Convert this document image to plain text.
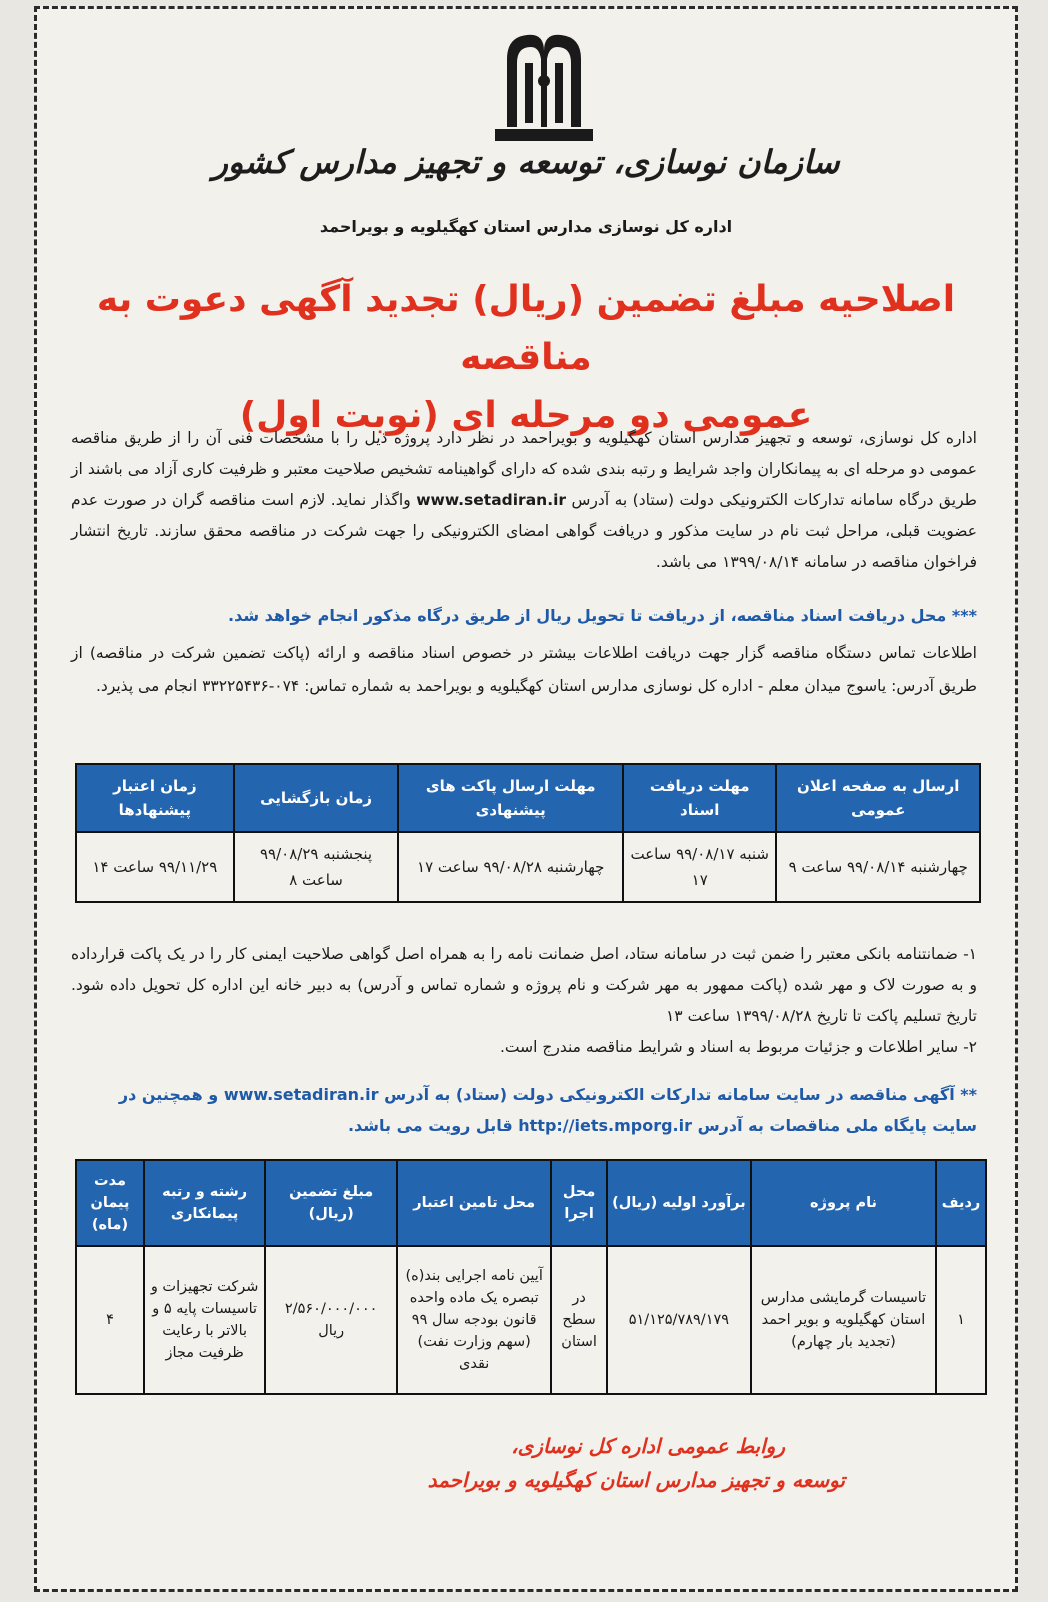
سازمان نوسازی، توسعه و تجهیز مدارس کشور
اداره کل نوسازی مدارس استان کهگیلویه و بویراحمد
اصلاحیه مبلغ تضمین (ریال) تجدید آگهی دعوت به مناقصه
عمومی دو مرحله ای (نوبت اول)
اداره کل نوسازی، توسعه و تجهیز مدارس استان کهگیلویه و بویراحمد در نظر دارد پروژه ذیل را با مشخصات فنی آن را از طریق مناقصه عمومی دو مرحله ای به پیمانکاران واجد شرایط و رتبه بندی شده که دارای گواهینامه تشخیص صلاحیت معتبر و ظرفیت کاری آزاد می باشند از طریق درگاه سامانه تدارکات الکترونیکی دولت (ستاد) به آدرس www.setadiran.ir واگذار نماید. لازم است مناقصه گران در صورت عدم عضویت قبلی، مراحل ثبت نام در سایت مذکور و دریافت گواهی امضای الکترونیکی را جهت شرکت در مناقصه محقق سازند. تاریخ انتشار فراخوان مناقصه در سامانه ۱۳۹۹/۰۸/۱۴ می باشد.
*** محل دریافت اسناد مناقصه، از دریافت تا تحویل ریال از طریق درگاه مذکور انجام خواهد شد.
اطلاعات تماس دستگاه مناقصه گزار جهت دریافت اطلاعات بیشتر در خصوص اسناد مناقصه و ارائه (پاکت تضمین شرکت در مناقصه) از طریق آدرس: یاسوج میدان معلم - اداره کل نوسازی مدارس استان کهگیلویه و بویراحمد به شماره تماس: ۰۷۴-۳۳۲۲۵۴۳۶ انجام می پذیرد.
ارسال به صفحه اعلان عمومی	مهلت دریافت اسناد	مهلت ارسال پاکت های پیشنهادی	زمان بازگشایی	زمان اعتبار پیشنهادها
چهارشنبه ۹۹/۰۸/۱۴ ساعت ۹	شنبه ۹۹/۰۸/۱۷ ساعت ۱۷	چهارشنبه ۹۹/۰۸/۲۸ ساعت ۱۷	پنجشنبه ۹۹/۰۸/۲۹ ساعت ۸	۹۹/۱۱/۲۹ ساعت ۱۴
۱- ضمانتنامه بانکی معتبر را ضمن ثبت در سامانه ستاد، اصل ضمانت نامه را به همراه اصل گواهی صلاحیت ایمنی کار را در یک پاکت قرارداده و به صورت لاک و مهر شده (پاکت ممهور به مهر شرکت و نام پروژه و شماره تماس و آدرس) به دبیر خانه این اداره کل تحویل داده شود. تاریخ تسلیم پاکت تا تاریخ ۱۳۹۹/۰۸/۲۸ ساعت ۱۳
۲- سایر اطلاعات و جزئیات مربوط به اسناد و شرایط مناقصه مندرج است.
** آگهی مناقصه در سایت سامانه تدارکات الکترونیکی دولت (ستاد) به آدرس www.setadiran.ir و همچنین در سایت پایگاه ملی مناقصات به آدرس http://iets.mporg.ir قابل رویت می باشد.
ردیف	نام پروژه	برآورد اولیه (ریال)	محل اجرا	محل تامین اعتبار	مبلغ تضمین (ریال)	رشته و رتبه پیمانکاری	مدت پیمان (ماه)
۱	تاسیسات گرمایشی مدارس استان کهگیلویه و بویر احمد (تجدید بار چهارم)	۵۱/۱۲۵/۷۸۹/۱۷۹	در سطح استان	آیین نامه اجرایی بند(ه) تبصره یک ماده واحده قانون بودجه سال ۹۹ (سهم وزارت نفت) نقدی	۲/۵۶۰/۰۰۰/۰۰۰ ریال	شرکت تجهیزات و تاسیسات پایه ۵ و بالاتر با رعایت ظرفیت مجاز	۴
روابط عمومی اداره کل نوسازی،
توسعه و تجهیز مدارس استان کهگیلویه و بویراحمد
